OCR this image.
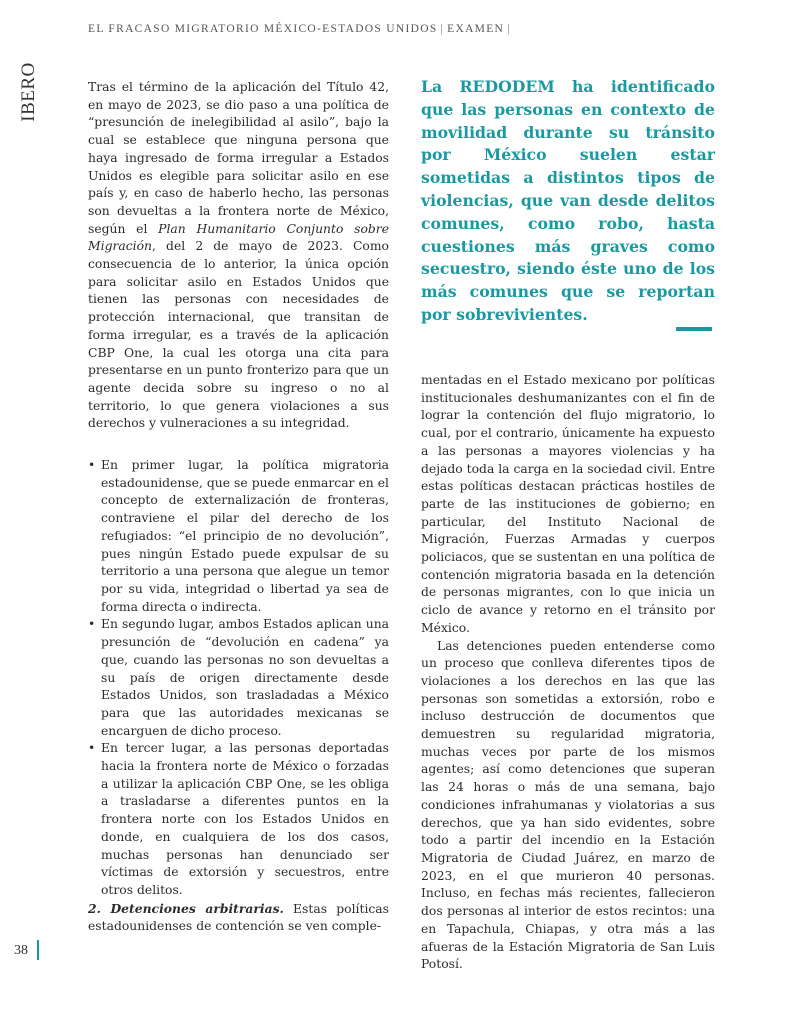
EL FRACASO MIGRATORIO MÉXICO-ESTADOS UNIDOS | EXAMEN |
IBERO	Tras el término de la aplicación del Título 42, en mayo de 2023, se dio paso a una política de “presunción de inelegibilidad al asilo”, bajo la cual se establece que ninguna persona que haya ingresado de forma irregular a Estados Unidos es elegible para solicitar asilo en ese país y, en caso de haberlo hecho, las personas son devueltas a la frontera norte de México, según el Plan Humanitario Conjunto sobre Migración, del 2 de mayo de 2023. Como consecuencia de lo anterior, la única opción para solicitar asilo en Estados Unidos que tienen las personas con necesidades de protección internacional, que transitan de forma irregular, es a través de la aplicación CBP One, la cual les otorga una cita para presentarse en un punto fronterizo para que un agente decida sobre su ingreso o no al territorio, lo que genera violaciones a sus derechos y vulneraciones a su integridad.

• En primer lugar, la política migratoria estadounidense, que se puede enmarcar en el concepto de externalización de fronteras, contraviene el pilar del derecho de los refugiados: “el principio de no devolución”, pues ningún Estado puede expulsar de su territorio a una persona que alegue un temor por su vida, integridad o libertad ya sea de forma directa o indirecta.
• En segundo lugar, ambos Estados aplican una presunción de “devolución en cadena” ya que, cuando las personas no son devueltas a su país de origen directamente desde Estados Unidos, son trasladadas a México para que las autoridades mexicanas se encarguen de dicho proceso.
• En tercer lugar, a las personas deportadas hacia la frontera norte de México o forzadas a utilizar la aplicación CBP One, se les obliga a trasladarse a diferentes puntos en la frontera norte con los Estados Unidos en donde, en cualquiera de los dos casos, muchas personas han denunciado ser víctimas de extorsión y secuestros, entre otros delitos.

2. Detenciones arbitrarias. Estas políticas estadounidenses de contención se ven comple-

La REDODEM ha identificado que las personas en contexto de movilidad durante su tránsito por México suelen estar sometidas a distintos tipos de violencias, que van desde delitos comunes, como robo, hasta cuestiones más graves como secuestro, siendo éste uno de los más comunes que se reportan por sobrevivientes.

mentadas en el Estado mexicano por políticas institucionales deshumanizantes con el fin de lograr la contención del flujo migratorio, lo cual, por el contrario, únicamente ha expuesto a las personas a mayores violencias y ha dejado toda la carga en la sociedad civil. Entre estas políticas destacan prácticas hostiles de parte de las instituciones de gobierno; en particular, del Instituto Nacional de Migración, Fuerzas Armadas y cuerpos policiacos, que se sustentan en una política de contención migratoria basada en la detención de personas migrantes, con lo que inicia un ciclo de avance y retorno en el tránsito por México.

Las detenciones pueden entenderse como un proceso que conlleva diferentes tipos de violaciones a los derechos en las que las personas son sometidas a extorsión, robo e incluso destrucción de documentos que demuestren su regularidad migratoria, muchas veces por parte de los mismos agentes; así como detenciones que superan las 24 horas o más de una semana, bajo condiciones infrahumanas y violatorias a sus derechos, que ya han sido evidentes, sobre todo a partir del incendio en la Estación Migratoria de Ciudad Juárez, en marzo de 2023, en el que murieron 40 personas. Incluso, en fechas más recientes, fallecieron dos personas al interior de estos recintos: una en Tapachula, Chiapas, y otra más a las afueras de la Estación Migratoria de San Luis Potosí.

38
